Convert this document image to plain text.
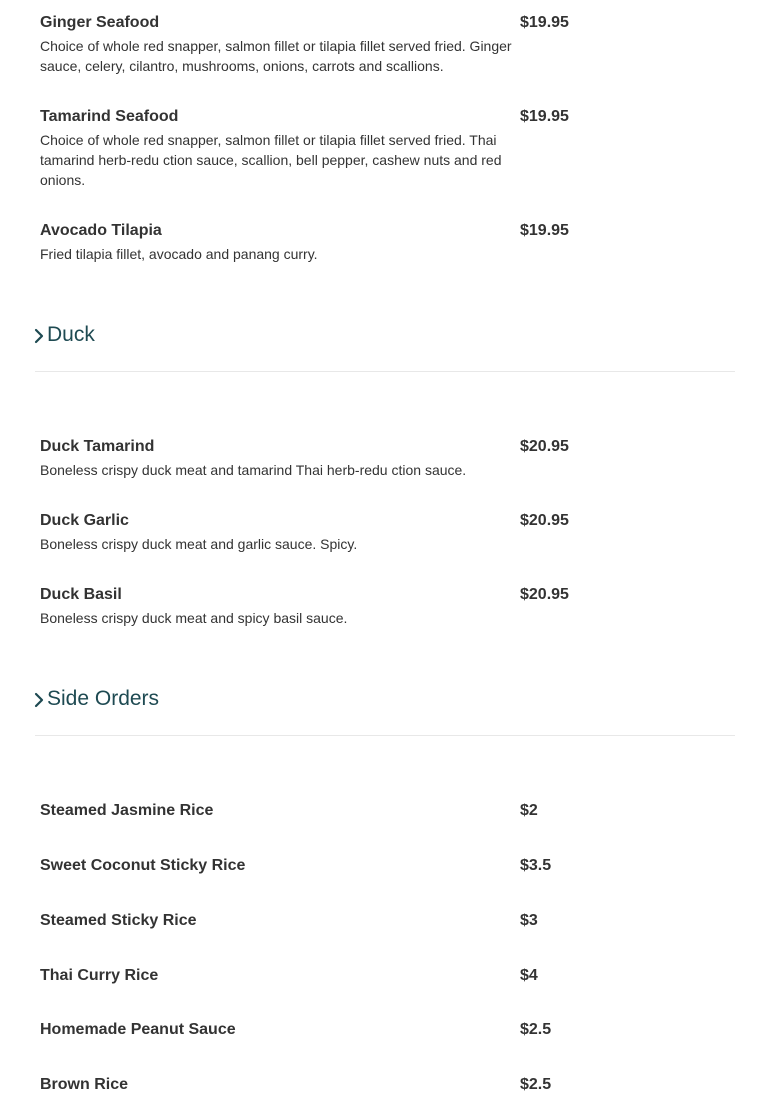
Ginger Seafood	$19.95
Choice of whole red snapper, salmon fillet or tilapia fillet served fried. Ginger sauce, celery, cilantro, mushrooms, onions, carrots and scallions.
Tamarind Seafood	$19.95
Choice of whole red snapper, salmon fillet or tilapia fillet served fried. Thai tamarind herb-redu ction sauce, scallion, bell pepper, cashew nuts and red onions.
Avocado Tilapia	$19.95
Fried tilapia fillet, avocado and panang curry.
Duck
Duck Tamarind	$20.95
Boneless crispy duck meat and tamarind Thai herb-redu ction sauce.
Duck Garlic	$20.95
Boneless crispy duck meat and garlic sauce. Spicy.
Duck Basil	$20.95
Boneless crispy duck meat and spicy basil sauce.
Side Orders
Steamed Jasmine Rice	$2
Sweet Coconut Sticky Rice	$3.5
Steamed Sticky Rice	$3
Thai Curry Rice	$4
Homemade Peanut Sauce	$2.5
Brown Rice	$2.5
